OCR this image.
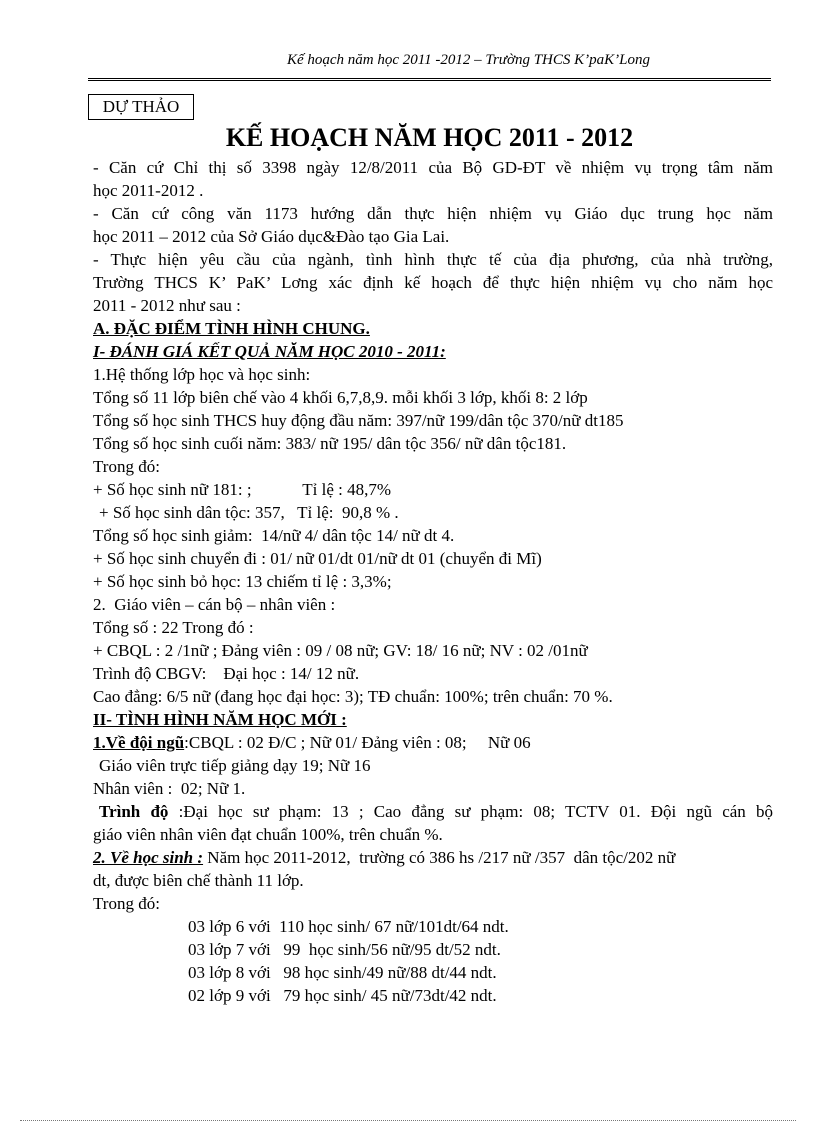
Kế hoạch năm học 2011 -2012 – Trường THCS K’paK’Long
DỰ THẢO
KẾ HOẠCH NĂM HỌC 2011 - 2012
- Căn cứ Chỉ thị số 3398 ngày 12/8/2011 của Bộ GD-ĐT về nhiệm vụ trọng tâm năm
học 2011-2012 .
- Căn cứ công văn 1173 hướng dẫn thực hiện nhiệm vụ Giáo dục trung học năm
học 2011 – 2012 của Sở Giáo dục&Đào tạo Gia Lai.
- Thực hiện yêu cầu của ngành, tình hình thực tế của địa phương, của nhà trường,
Trường THCS K’ PaK’ Lơng xác định kế hoạch để thực hiện nhiệm vụ cho năm học
2011 - 2012 như sau :
A. ĐẶC ĐIỂM TÌNH HÌNH CHUNG.
I- ĐÁNH GIÁ KẾT QUẢ NĂM HỌC 2010 - 2011:
1.Hệ thống lớp học và học sinh:
Tổng số 11 lớp biên chế vào 4 khối 6,7,8,9. mỗi khối 3 lớp, khối 8: 2 lớp
Tổng số học sinh THCS huy động đầu năm: 397/nữ 199/dân tộc 370/nữ dt185
Tổng số học sinh cuối năm: 383/ nữ 195/ dân tộc 356/ nữ dân tộc181.
Trong đó:
+ Số học sinh nữ 181: ;            Tỉ lệ : 48,7%
+ Số học sinh dân tộc: 357,   Tỉ lệ:  90,8 % .
Tổng số học sinh giảm:  14/nữ 4/ dân tộc 14/ nữ dt 4.
+ Số học sinh chuyển đi : 01/ nữ 01/dt 01/nữ dt 01 (chuyển đi Mĩ)
+ Số học sinh bỏ học: 13 chiếm tỉ lệ : 3,3%;
2.  Giáo viên – cán bộ – nhân viên :
Tổng số : 22 Trong đó :
+ CBQL : 2 /1nữ ; Đảng viên : 09 / 08 nữ; GV: 18/ 16 nữ; NV : 02 /01nữ
Trình độ CBGV:    Đại học : 14/ 12 nữ.
Cao đẳng: 6/5 nữ (đang học đại học: 3); TĐ chuẩn: 100%; trên chuẩn: 70 %.
II- TÌNH HÌNH NĂM HỌC MỚI :
1.Về đội ngũ:CBQL : 02 Đ/C ; Nữ 01/ Đảng viên : 08;     Nữ 06
Giáo viên trực tiếp giảng dạy 19; Nữ 16
Nhân viên :  02; Nữ 1.
Trình độ :Đại học sư phạm: 13 ; Cao đẳng sư phạm: 08; TCTV 01. Đội ngũ cán bộ
giáo viên nhân viên đạt chuẩn 100%, trên chuẩn %.
2. Về học sinh : Năm học 2011-2012,  trường có 386 hs /217 nữ /357  dân tộc/202 nữ
dt, được biên chế thành 11 lớp.
Trong đó:
03 lớp 6 với  110 học sinh/ 67 nữ/101dt/64 ndt.
03 lớp 7 với   99  học sinh/56 nữ/95 dt/52 ndt.
03 lớp 8 với   98 học sinh/49 nữ/88 dt/44 ndt.
02 lớp 9 với   79 học sinh/ 45 nữ/73dt/42 ndt.
